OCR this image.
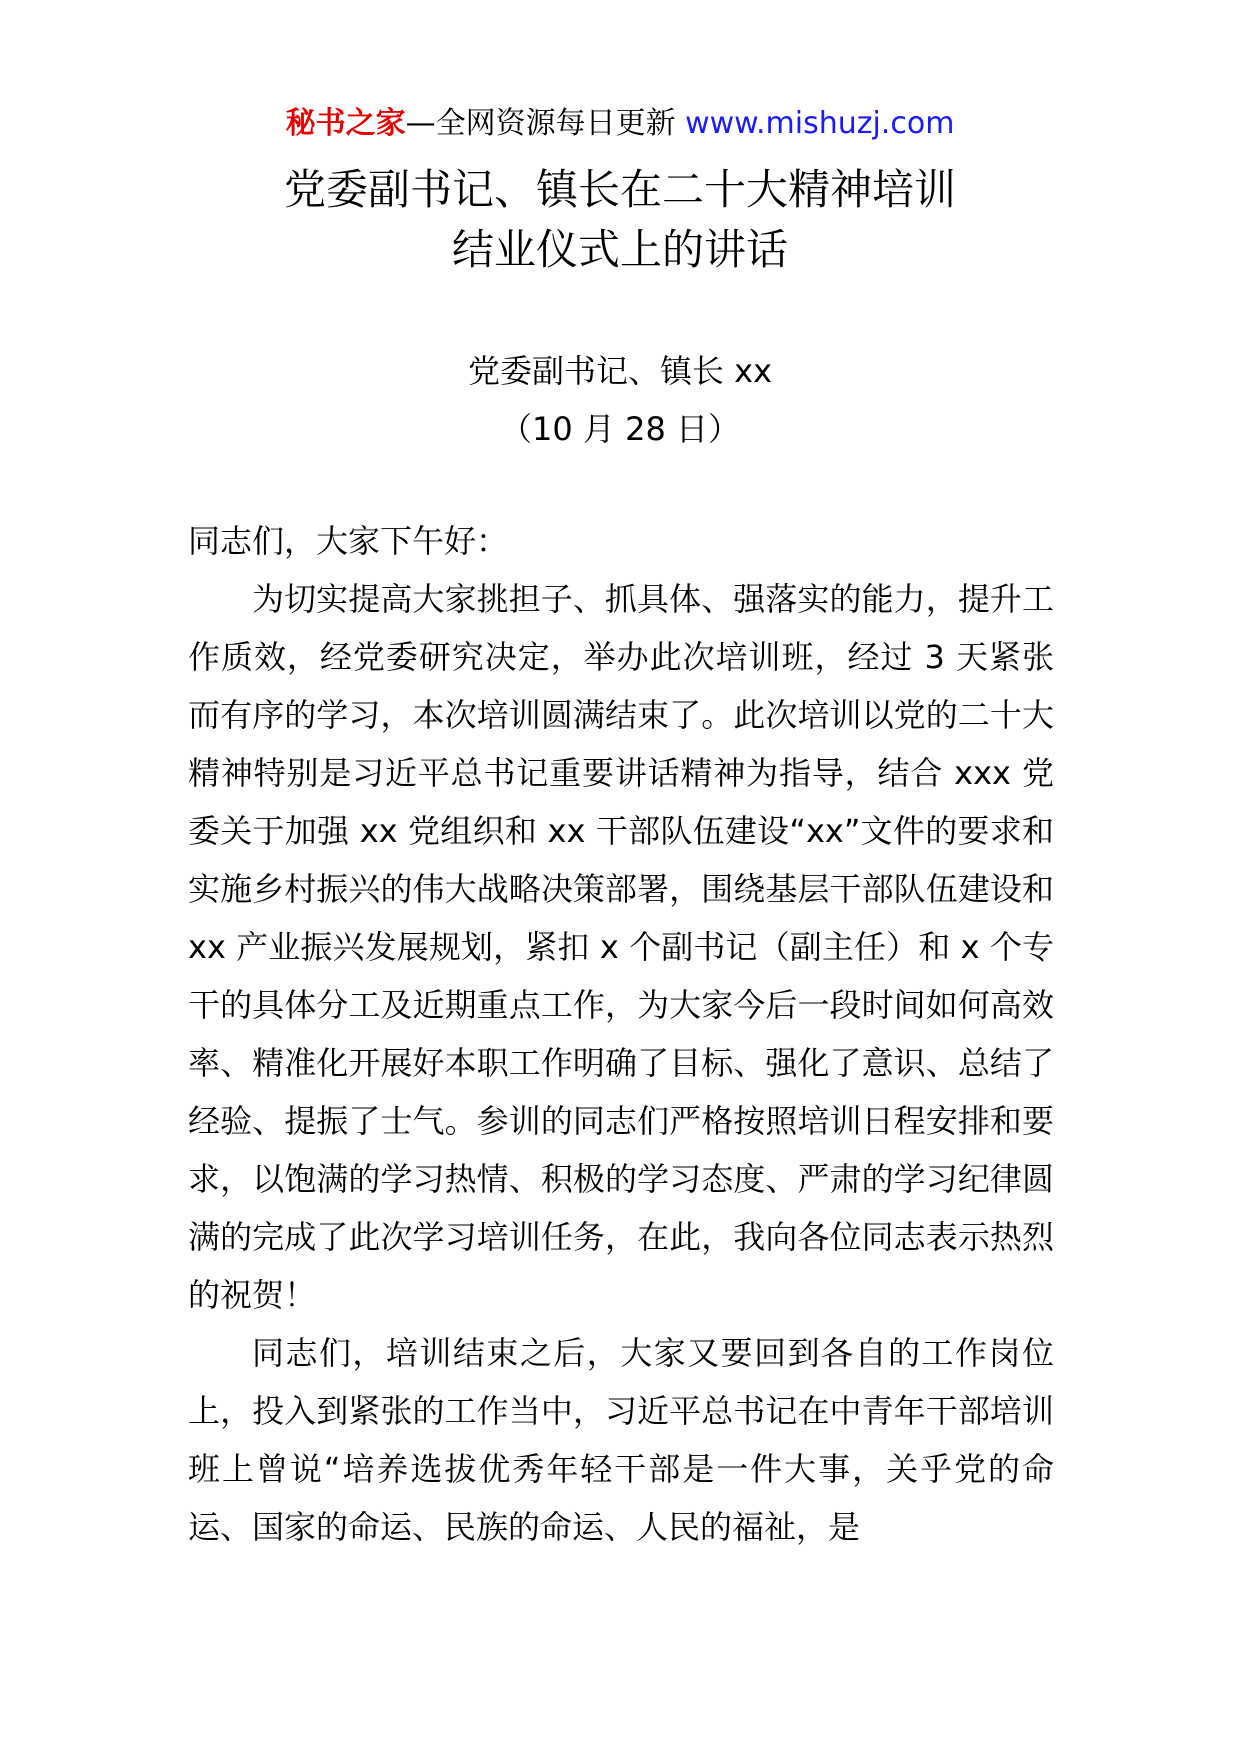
秘书之家—全网资源每日更新 www.mishuzj.com
党委副书记、镇长在二十大精神培训
结业仪式上的讲话
党委副书记、镇长 xx
（10 月 28 日）

同志们，大家下午好：

为切实提高大家挑担子、抓具体、强落实的能力，提升工作质效，经党委研究决定，举办此次培训班，经过 3 天紧张而有序的学习，本次培训圆满结束了。此次培训以党的二十大精神特别是习近平总书记重要讲话精神为指导，结合 xxx 党委关于加强 xx 党组织和 xx 干部队伍建设“xx”文件的要求和实施乡村振兴的伟大战略决策部署，围绕基层干部队伍建设和 xx 产业振兴发展规划，紧扣 x 个副书记（副主任）和 x 个专干的具体分工及近期重点工作，为大家今后一段时间如何高效率、精准化开展好本职工作明确了目标、强化了意识、总结了经验、提振了士气。参训的同志们严格按照培训日程安排和要求，以饱满的学习热情、积极的学习态度、严肃的学习纪律圆满的完成了此次学习培训任务，在此，我向各位同志表示热烈的祝贺！

同志们，培训结束之后，大家又要回到各自的工作岗位上，投入到紧张的工作当中，习近平总书记在中青年干部培训班上曾说“培养选拔优秀年轻干部是一件大事，关乎党的命运、国家的命运、民族的命运、人民的福祉，是
